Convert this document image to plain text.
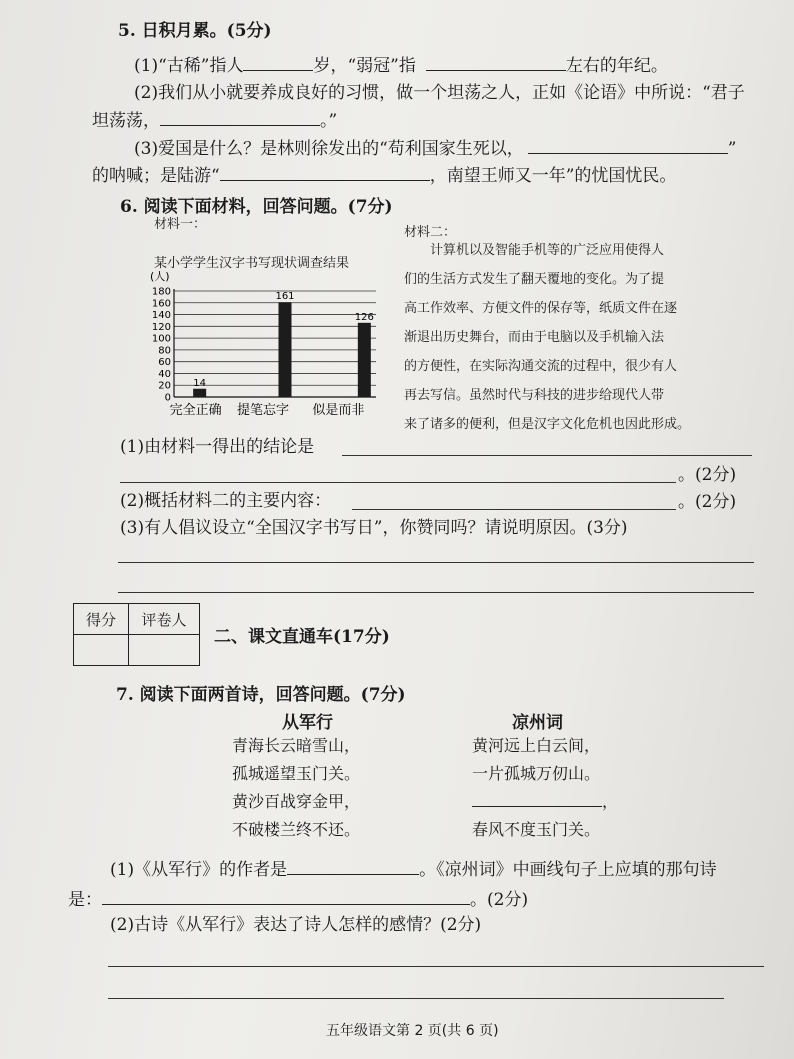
5. 日积月累。(5分)
(1)“古稀”指人	岁，“弱冠”指	左右的年纪。
(2)我们从小就要养成良好的习惯，做一个坦荡之人，正如《论语》中所说：“君子
坦荡荡，	。”
(3)爱国是什么？是林则徐发出的“苟利国家生死以，	”
的呐喊；是陆游“	，南望王师又一年”的忧国忧民。
6. 阅读下面材料，回答问题。(7分)
材料一：
材料二：
某小学学生汉字书写现状调查结果
(人)
0
20
40
60
80
100
120
140
160
180
14
完全正确
161
提笔忘字
126
似是而非
计算机以及智能手机等的广泛应用使得人
们的生活方式发生了翻天覆地的变化。为了提
高工作效率、方便文件的保存等，纸质文件在逐
渐退出历史舞台，而由于电脑以及手机输入法
的方便性，在实际沟通交流的过程中，很少有人
再去写信。虽然时代与科技的进步给现代人带
来了诸多的便利，但是汉字文化危机也因此形成。
(1)由材料一得出的结论是
。(2分)
(2)概括材料二的主要内容：	。(2分)
(3)有人倡议设立“全国汉字书写日”，你赞同吗？请说明原因。(3分)
得分	评卷人

二、课文直通车(17分)
7. 阅读下面两首诗，回答问题。(7分)
从军行
青海长云暗雪山，
孤城遥望玉门关。
黄沙百战穿金甲，
不破楼兰终不还。
凉州词
黄河远上白云间，
一片孤城万仞山。
，
春风不度玉门关。
(1)《从军行》的作者是	。《凉州词》中画线句子上应填的那句诗
是：	。(2分)
(2)古诗《从军行》表达了诗人怎样的感情？(2分)
五年级语文第 2 页(共 6 页)
